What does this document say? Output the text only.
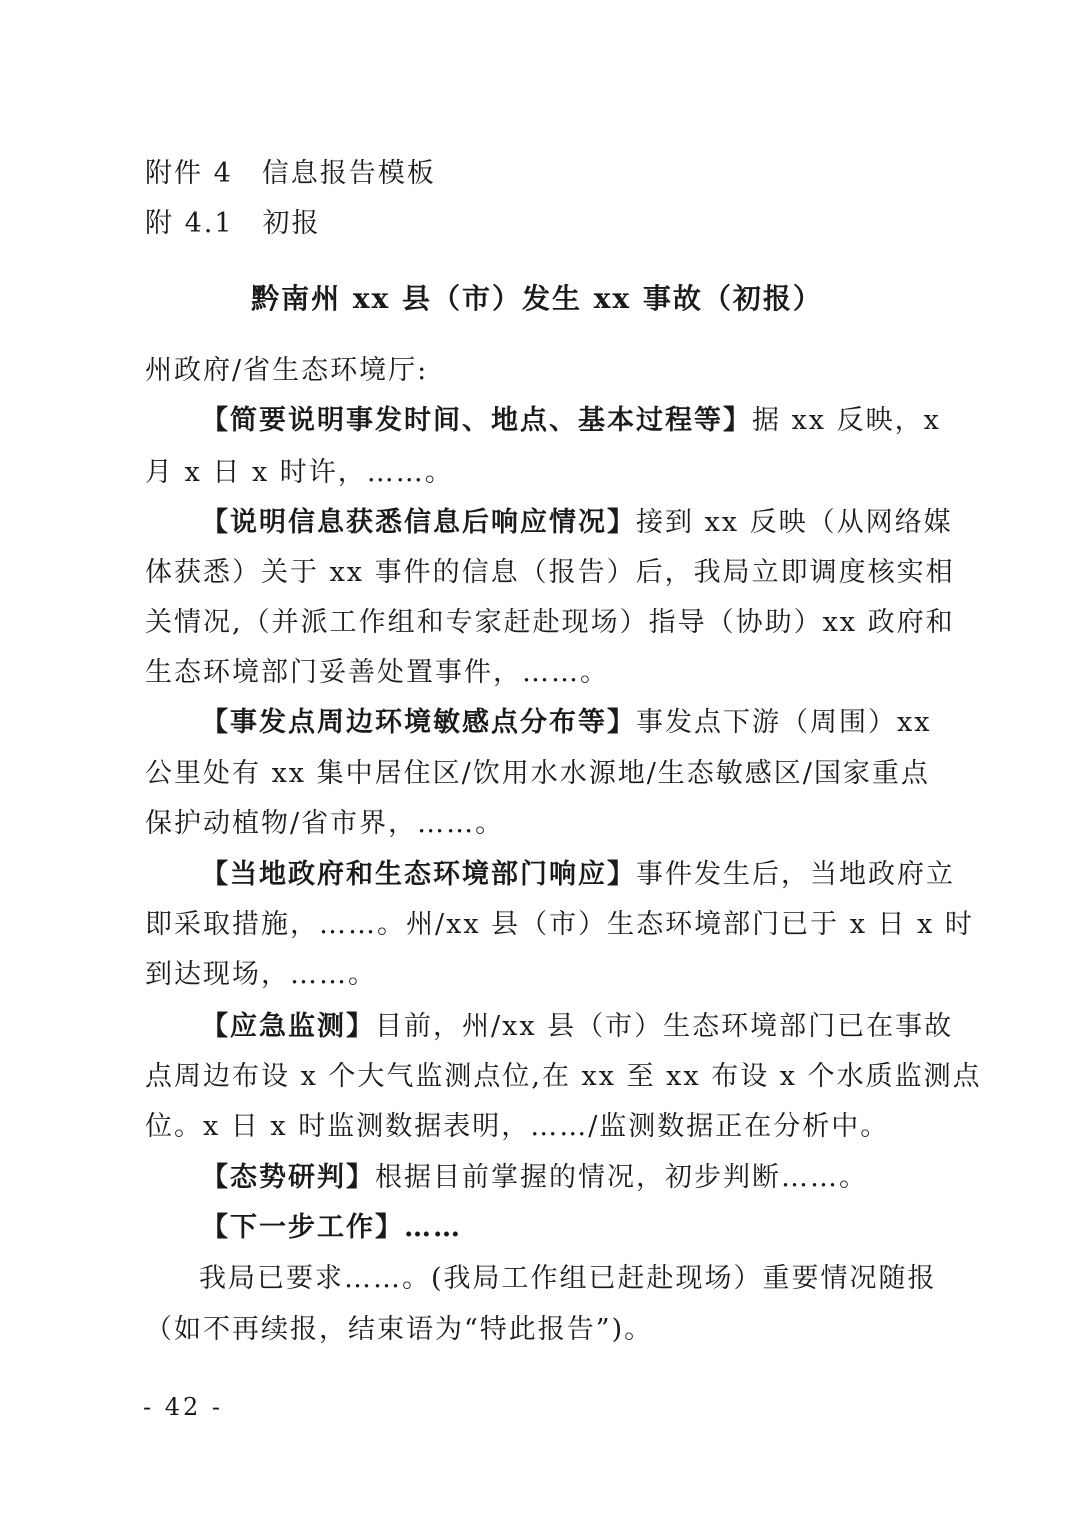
附件 4　信息报告模板
附 4.1　初报
黔南州 xx 县（市）发生 xx 事故（初报）
州政府/省生态环境厅:
【简要说明事发时间、地点、基本过程等】据 xx 反映，x
月 x 日 x 时许，……。
【说明信息获悉信息后响应情况】接到 xx 反映（从网络媒
体获悉）关于 xx 事件的信息（报告）后，我局立即调度核实相
关情况,（并派工作组和专家赶赴现场）指导（协助）xx 政府和
生态环境部门妥善处置事件，……。
【事发点周边环境敏感点分布等】事发点下游（周围）xx
公里处有 xx 集中居住区/饮用水水源地/生态敏感区/国家重点
保护动植物/省市界，……。
【当地政府和生态环境部门响应】事件发生后，当地政府立
即采取措施，……。州/xx 县（市）生态环境部门已于 x 日 x 时
到达现场，……。
【应急监测】目前，州/xx 县（市）生态环境部门已在事故
点周边布设 x 个大气监测点位,在 xx 至 xx 布设 x 个水质监测点
位。x 日 x 时监测数据表明，……/监测数据正在分析中。
【态势研判】根据目前掌握的情况，初步判断……。
【下一步工作】……
我局已要求……。(我局工作组已赶赴现场）重要情况随报
（如不再续报，结束语为“特此报告”)。
- 42 -
